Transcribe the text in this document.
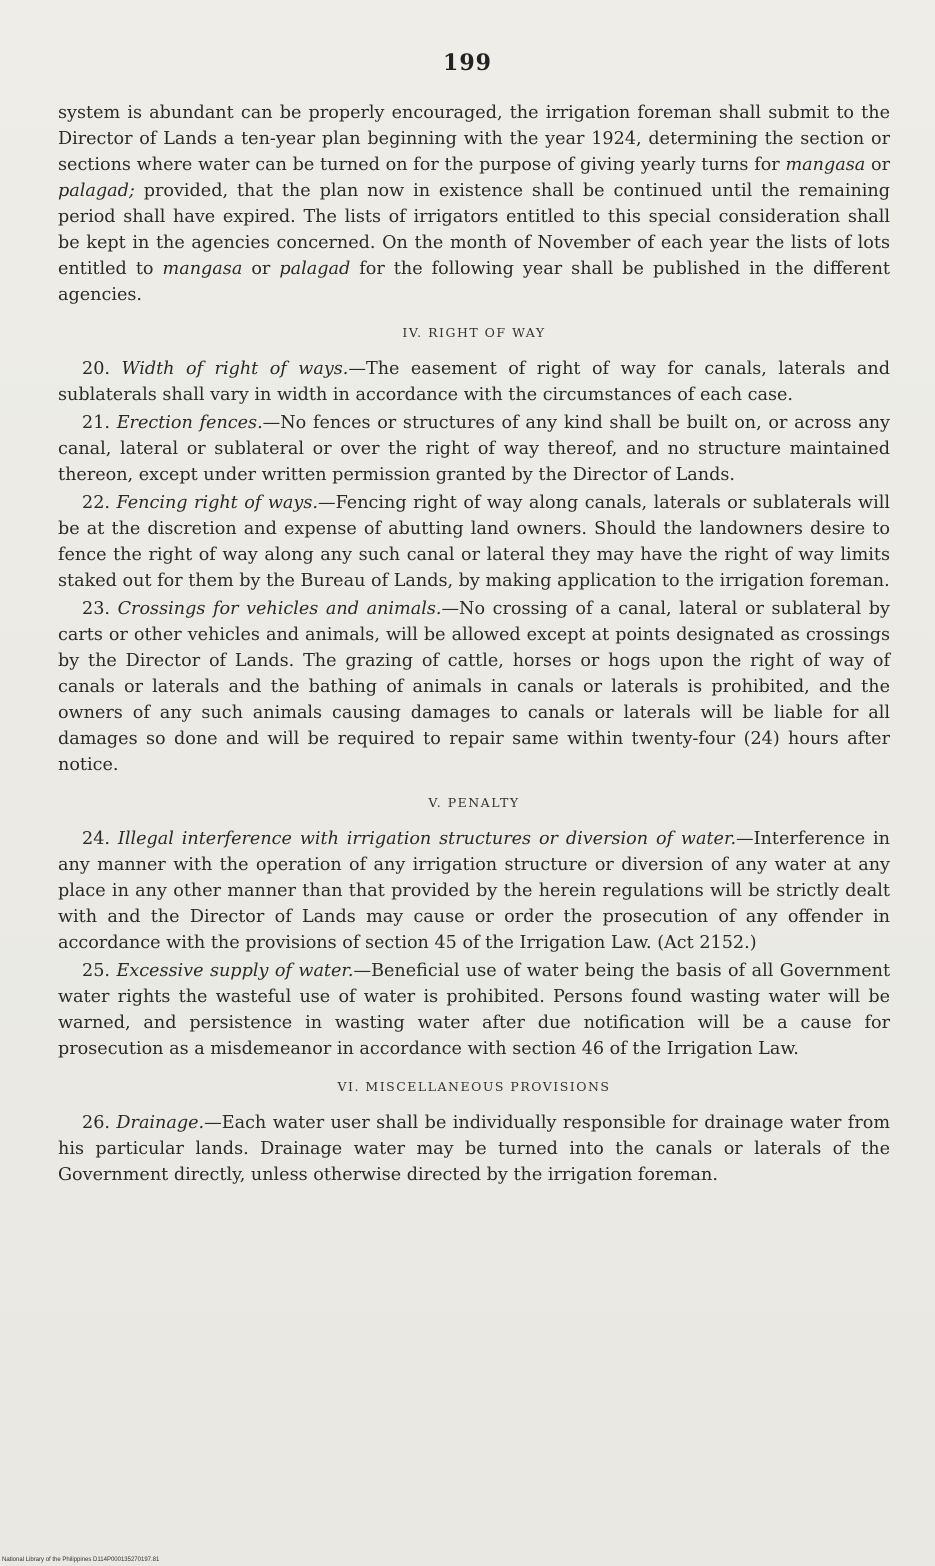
199

system is abundant can be properly encouraged, the irrigation foreman shall submit to the Director of Lands a ten-year plan beginning with the year 1924, determining the section or sections where water can be turned on for the purpose of giving yearly turns for mangasa or palagad; provided, that the plan now in existence shall be continued until the remaining period shall have expired. The lists of irrigators entitled to this special consideration shall be kept in the agencies concerned. On the month of November of each year the lists of lots entitled to mangasa or palagad for the following year shall be published in the different agencies.

IV. RIGHT OF WAY

20. Width of right of ways.—The easement of right of way for canals, laterals and sublaterals shall vary in width in accordance with the circumstances of each case.

21. Erection fences.—No fences or structures of any kind shall be built on, or across any canal, lateral or sublateral or over the right of way thereof, and no structure maintained thereon, except under written permission granted by the Director of Lands.

22. Fencing right of ways.—Fencing right of way along canals, laterals or sublaterals will be at the discretion and expense of abutting land owners. Should the landowners desire to fence the right of way along any such canal or lateral they may have the right of way limits staked out for them by the Bureau of Lands, by making application to the irrigation foreman.

23. Crossings for vehicles and animals.—No crossing of a canal, lateral or sublateral by carts or other vehicles and animals, will be allowed except at points designated as crossings by the Director of Lands. The grazing of cattle, horses or hogs upon the right of way of canals or laterals and the bathing of animals in canals or laterals is prohibited, and the owners of any such animals causing damages to canals or laterals will be liable for all damages so done and will be required to repair same within twenty-four (24) hours after notice.

V. PENALTY

24. Illegal interference with irrigation structures or diversion of water.—Interference in any manner with the operation of any irrigation structure or diversion of any water at any place in any other manner than that provided by the herein regulations will be strictly dealt with and the Director of Lands may cause or order the prosecution of any offender in accordance with the provisions of section 45 of the Irrigation Law. (Act 2152.)

25. Excessive supply of water.—Beneficial use of water being the basis of all Government water rights the wasteful use of water is prohibited. Persons found wasting water will be warned, and persistence in wasting water after due notification will be a cause for prosecution as a misdemeanor in accordance with section 46 of the Irrigation Law.

VI. MISCELLANEOUS PROVISIONS

26. Drainage.—Each water user shall be individually responsible for drainage water from his particular lands. Drainage water may be turned into the canals or laterals of the Government directly, unless otherwise directed by the irrigation foreman.

National Library of the Philippines D114P000135270197.81
